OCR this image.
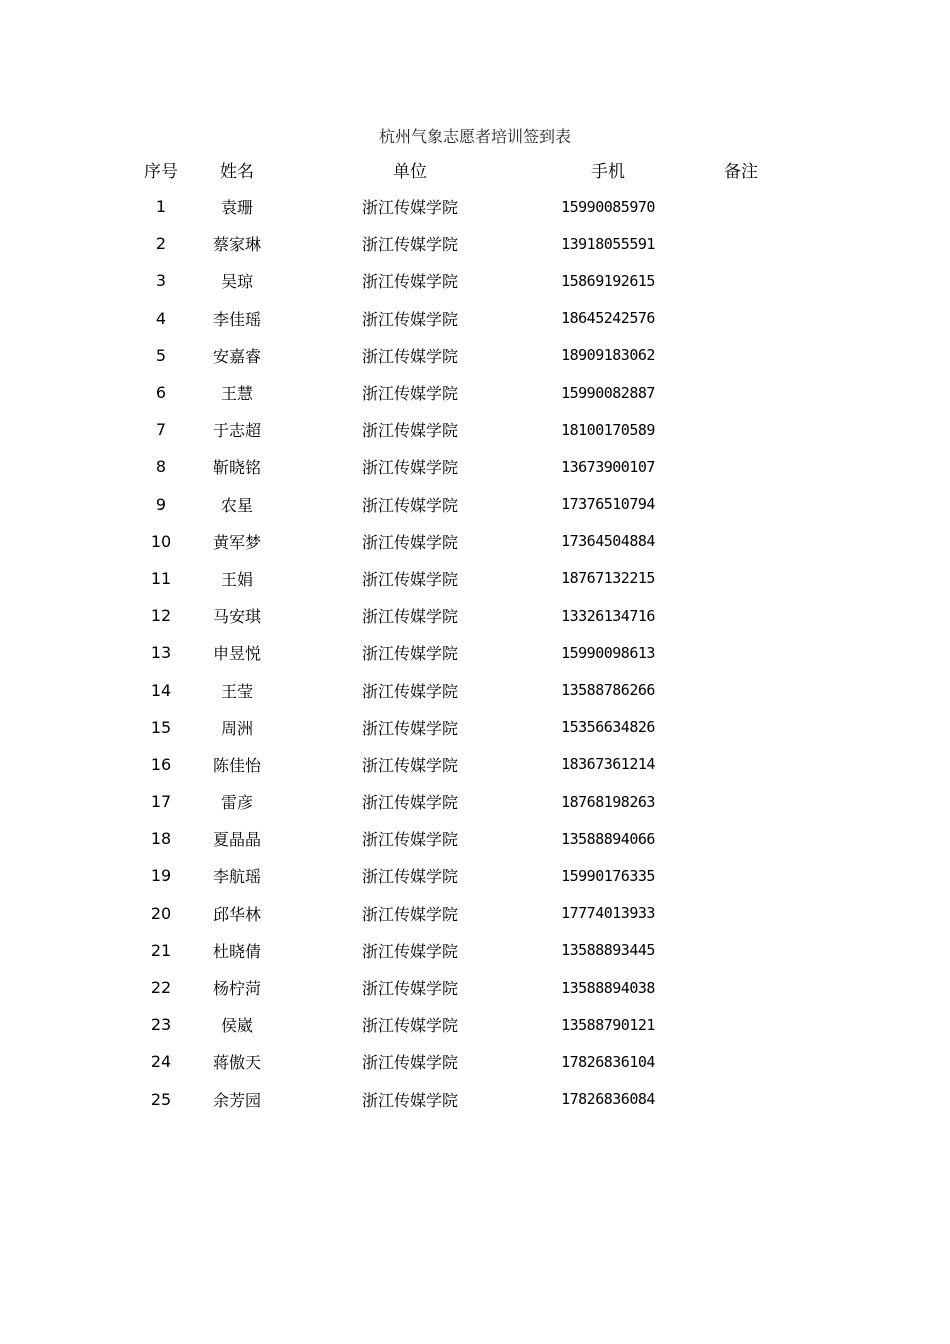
杭州气象志愿者培训签到表
序号	姓名	单位	手机	备注
1	袁珊	浙江传媒学院	15990085970
2	蔡家琳	浙江传媒学院	13918055591
3	吴琼	浙江传媒学院	15869192615
4	李佳瑶	浙江传媒学院	18645242576
5	安嘉睿	浙江传媒学院	18909183062
6	王慧	浙江传媒学院	15990082887
7	于志超	浙江传媒学院	18100170589
8	靳晓铭	浙江传媒学院	13673900107
9	农星	浙江传媒学院	17376510794
10	黄军梦	浙江传媒学院	17364504884
11	王娟	浙江传媒学院	18767132215
12	马安琪	浙江传媒学院	13326134716
13	申昱悦	浙江传媒学院	15990098613
14	王莹	浙江传媒学院	13588786266
15	周洲	浙江传媒学院	15356634826
16	陈佳怡	浙江传媒学院	18367361214
17	雷彦	浙江传媒学院	18768198263
18	夏晶晶	浙江传媒学院	13588894066
19	李航瑶	浙江传媒学院	15990176335
20	邱华林	浙江传媒学院	17774013933
21	杜晓倩	浙江传媒学院	13588893445
22	杨柠菏	浙江传媒学院	13588894038
23	侯崴	浙江传媒学院	13588790121
24	蒋傲天	浙江传媒学院	17826836104
25	余芳园	浙江传媒学院	17826836084
